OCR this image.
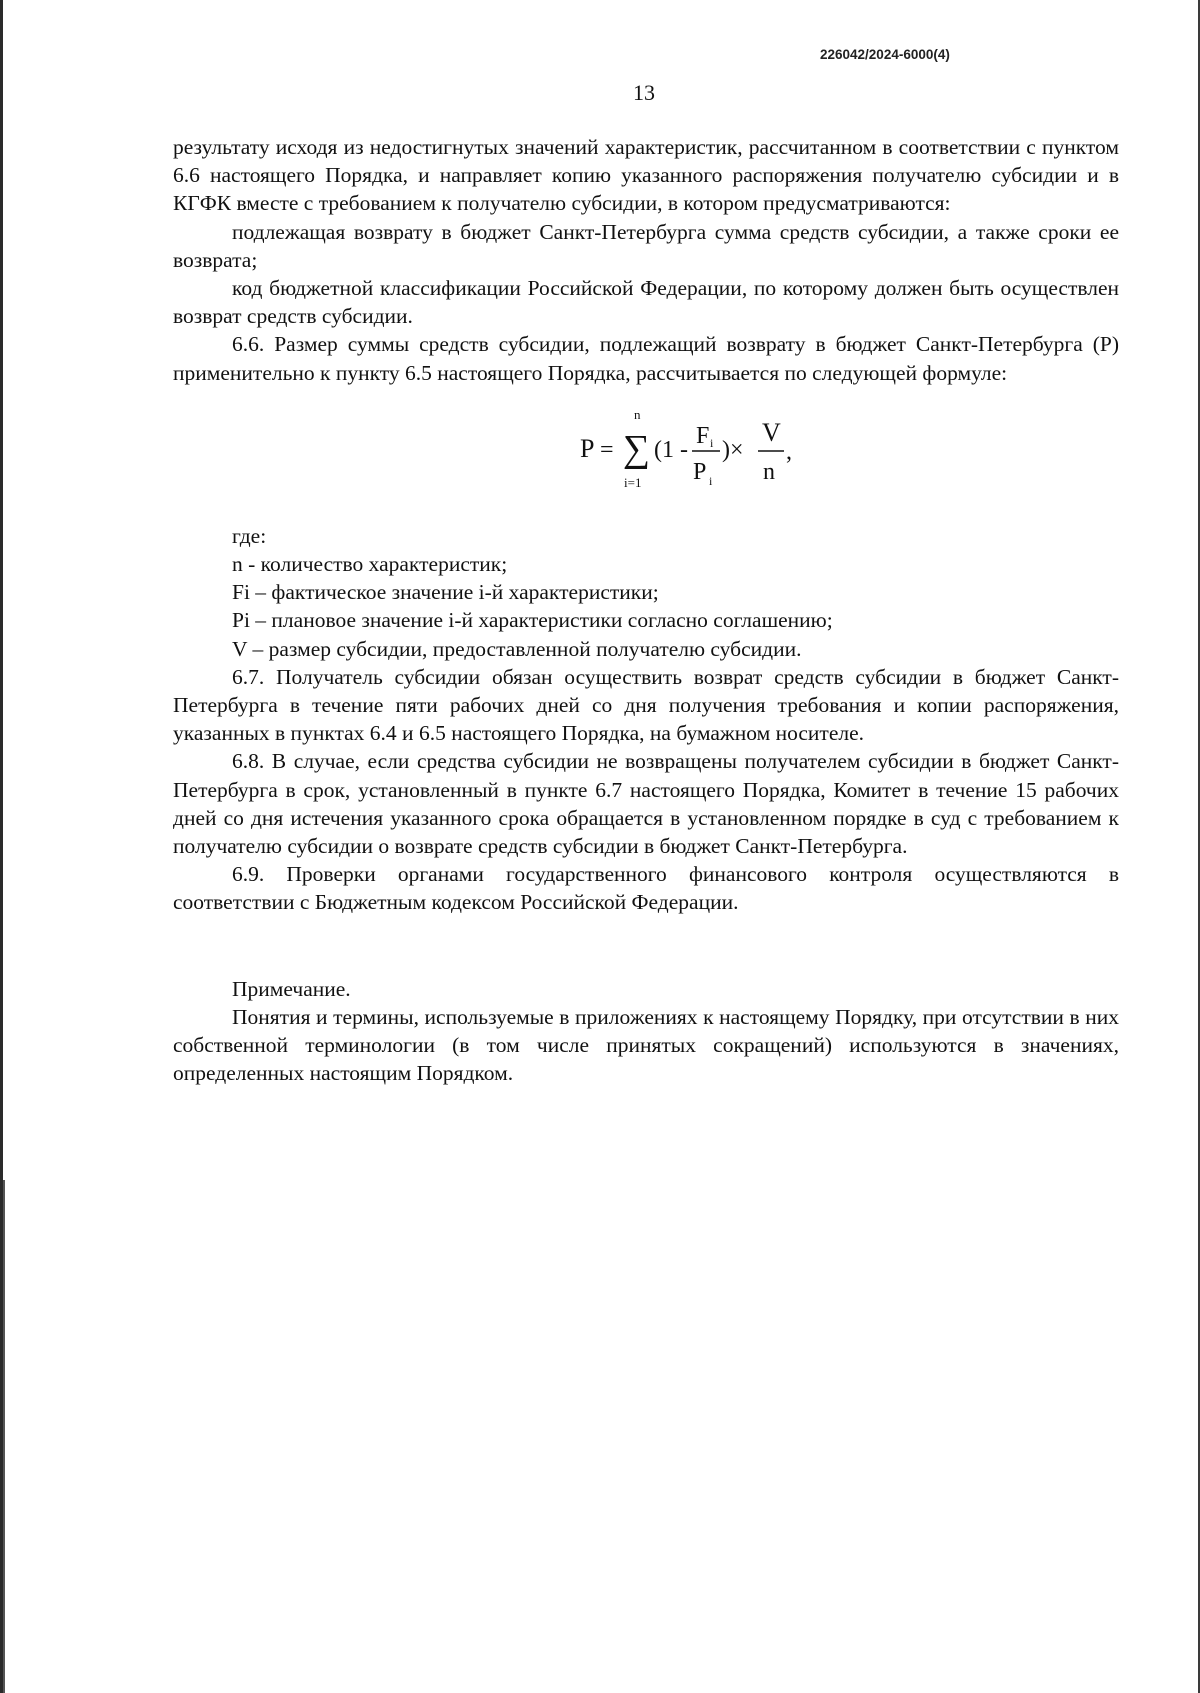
226042/2024-6000(4)
13

результату исходя из недостигнутых значений характеристик, рассчитанном в соответствии с пунктом 6.6 настоящего Порядка, и направляет копию указанного распоряжения получателю субсидии и в КГФК вместе с требованием к получателю субсидии, в котором предусматриваются:

подлежащая возврату в бюджет Санкт-Петербурга сумма средств субсидии, а также сроки ее возврата;

код бюджетной классификации Российской Федерации, по которому должен быть осуществлен возврат средств субсидии.

6.6. Размер суммы средств субсидии, подлежащий возврату в бюджет Санкт-Петербурга (Р) применительно к пункту 6.5 настоящего Порядка, рассчитывается по следующей формуле:

P = ∑
n
i=1
(1 -
F i
P i
)×
V
n
,

где:

n - количество характеристик;

Fi – фактическое значение i-й характеристики;

Pi – плановое значение i-й характеристики согласно соглашению;

V – размер субсидии, предоставленной получателю субсидии.

6.7. Получатель субсидии обязан осуществить возврат средств субсидии в бюджет Санкт-Петербурга в течение пяти рабочих дней со дня получения требования и копии распоряжения, указанных в пунктах 6.4 и 6.5 настоящего Порядка, на бумажном носителе.

6.8. В случае, если средства субсидии не возвращены получателем субсидии в бюджет Санкт-Петербурга в срок, установленный в пункте 6.7 настоящего Порядка, Комитет в течение 15 рабочих дней со дня истечения указанного срока обращается в установленном порядке в суд с требованием к получателю субсидии о возврате средств субсидии в бюджет Санкт-Петербурга.

6.9. Проверки органами государственного финансового контроля осуществляются в соответствии с Бюджетным кодексом Российской Федерации.

Примечание.

Понятия и термины, используемые в приложениях к настоящему Порядку, при отсутствии в них собственной терминологии (в том числе принятых сокращений) используются в значениях, определенных настоящим Порядком.
